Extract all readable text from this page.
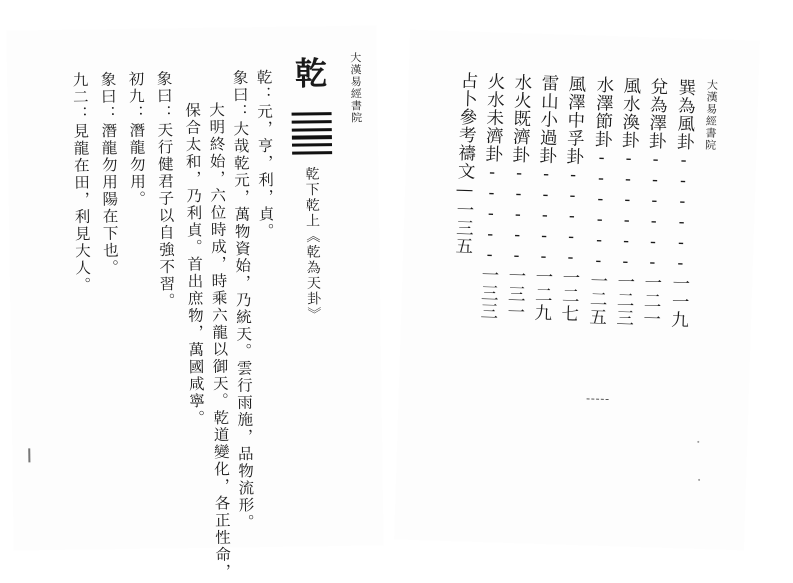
大漢易經書院
乾
乾下乾上《乾為天卦》
乾：元，亨，利，貞。
象曰：大哉乾元，萬物資始，乃統天。雲行雨施，品物流形。
大明終始，六位時成，時乘六龍以御天。乾道變化，各正性命，
保合太和，乃利貞。首出庶物，萬國咸寧。
象曰：天行健君子以自強不習。
初九：潛龍勿用。
象曰：潛龍勿用陽在下也。
九二：見龍在田，利見大人。	大漢易經書院
巽為風卦------一一九
兌為澤卦------一二一
風水渙卦------一二三
水澤節卦------一二五
風澤中孚卦-----一二七
雷山小過卦-----一二九
水火既濟卦-----一三一
火水未濟卦-----一三三
占卜參考禱文—一三五
